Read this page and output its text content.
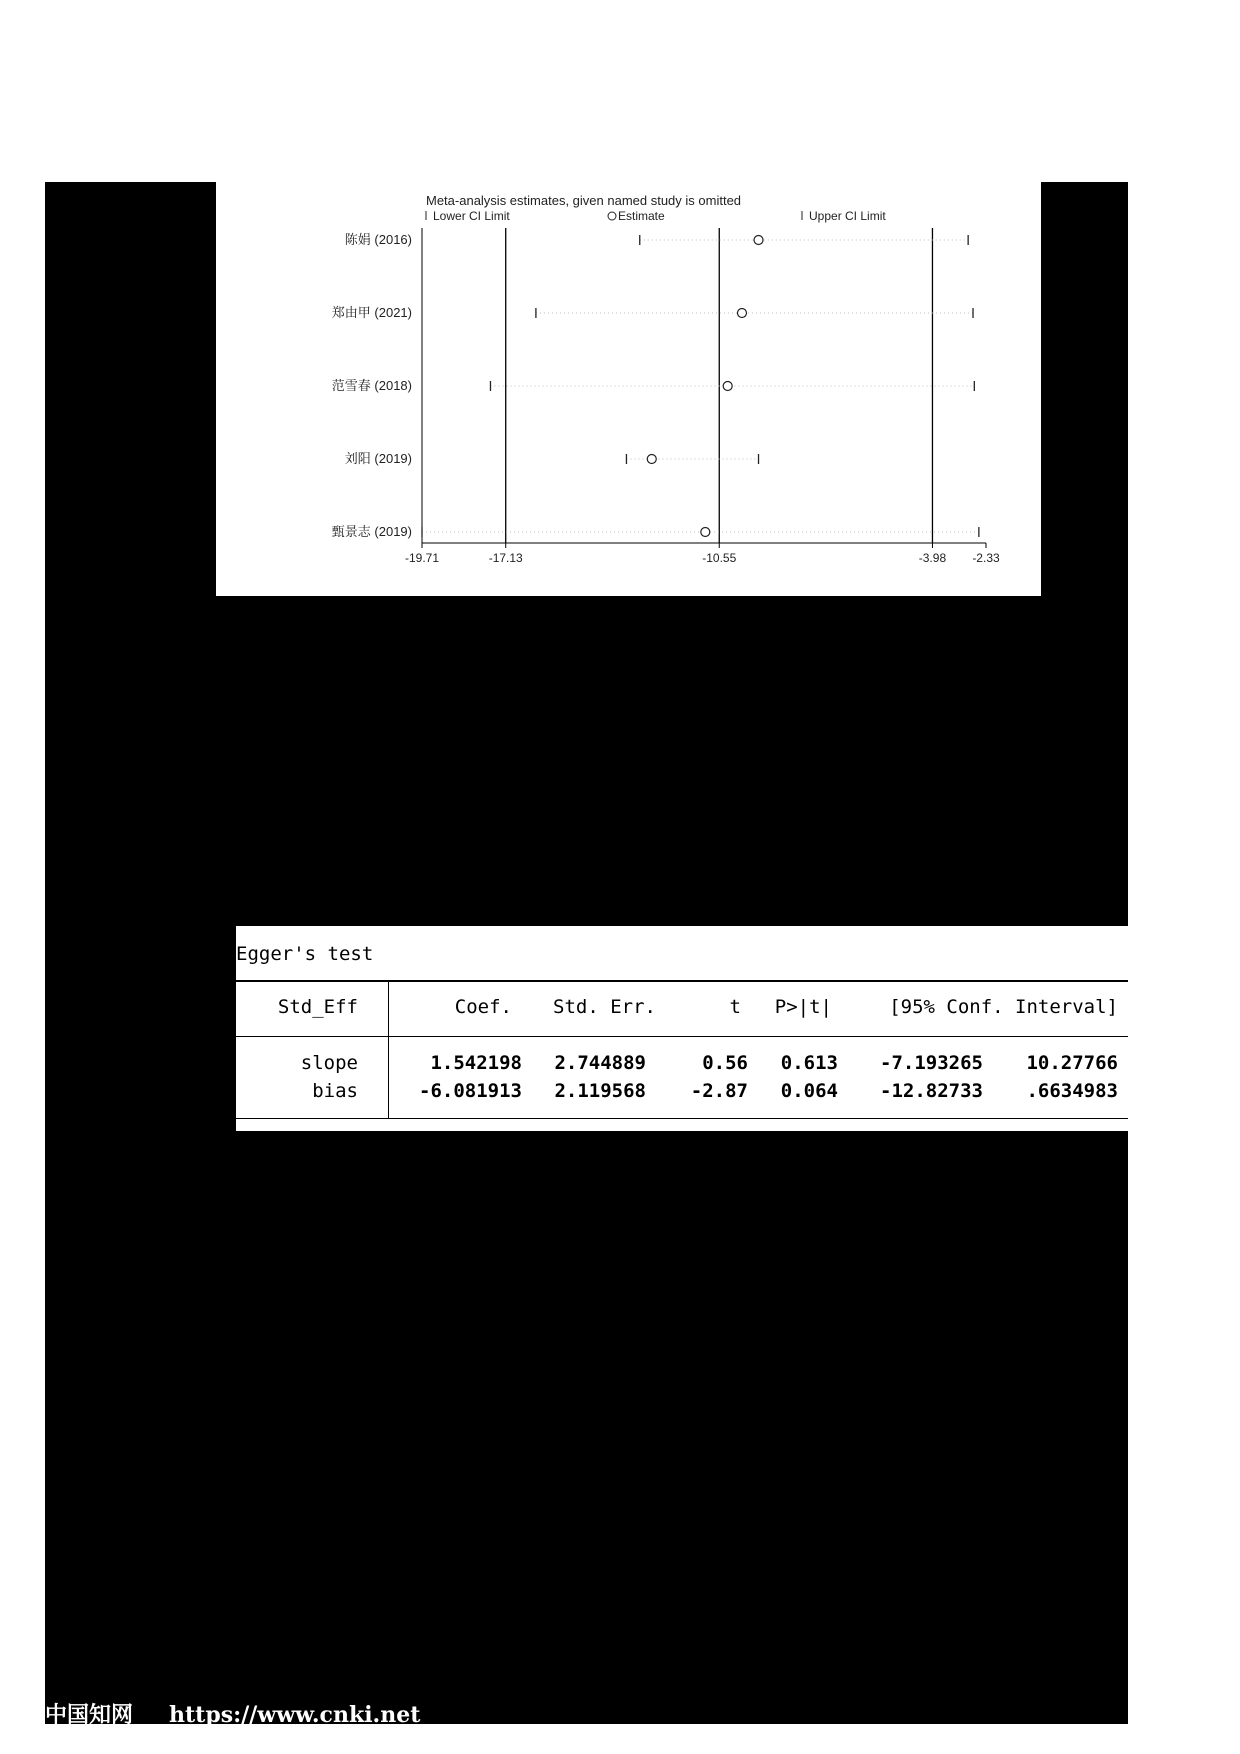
Meta-analysis estimates, given named study is omitted
Lower CI Limit	Estimate	Upper CI Limit
-19.71	-17.13	-10.55	-3.98 -2.33
陈娟 (2016)
郑由甲 (2021)
范雪春 (2018)
刘阳 (2019)
甄景志 (2019)
Egger's test
Std_Eff	Coef. Std. Err.	t P>|t|	[95% Conf. Interval]
slope	1.542198 2.744889	0.56 0.613 -7.193265 10.27766
bias	-6.081913 2.119568 -2.87 0.064 -12.82733 .6634983
中国知网 https://www.cnki.net
